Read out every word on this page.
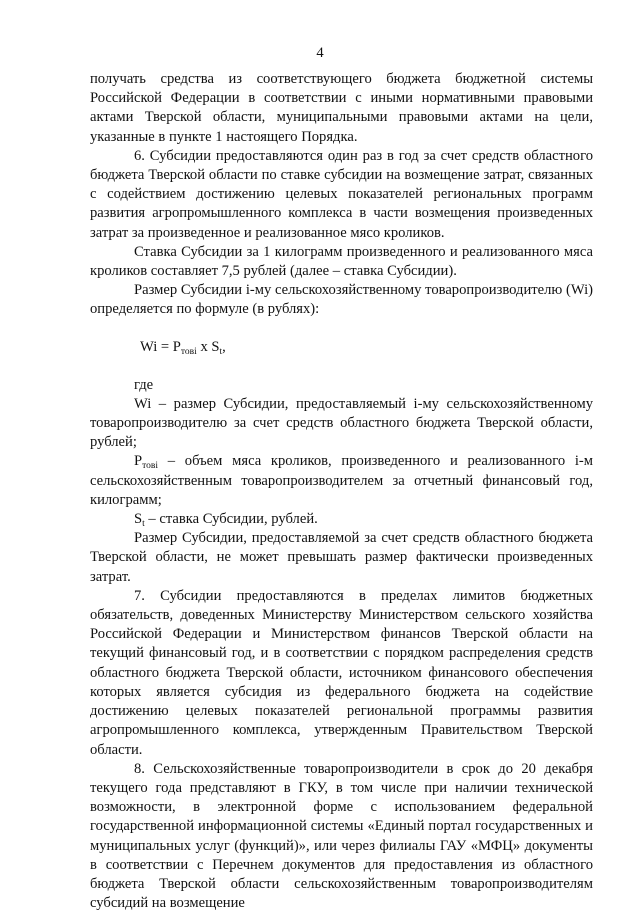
4

получать средства из соответствующего бюджета бюджетной системы Российской Федерации в соответствии с иными нормативными правовыми актами Тверской области, муниципальными правовыми актами на цели, указанные в пункте 1 настоящего Порядка.

6. Субсидии предоставляются один раз в год за счет средств областного бюджета Тверской области по ставке субсидии на возмещение затрат, связанных с содействием достижению целевых показателей региональных программ развития агропромышленного комплекса в части возмещения произведенных затрат за произведенное и реализованное мясо кроликов.

Ставка Субсидии за 1 килограмм произведенного и реализованного мяса кроликов составляет 7,5 рублей (далее – ставка Субсидии).

Размер Субсидии i-му сельскохозяйственному товаропроизводителю (Wi) определяется по формуле (в рублях):

$Wi = P_{товi}$ x $S_t$,

где

Wi – размер Субсидии, предоставляемый i-му сельскохозяйственному товаропроизводителю за счет средств областного бюджета Тверской области, рублей;

$P_{товi}$ – объем мяса кроликов, произведенного и реализованного i-м сельскохозяйственным товаропроизводителем за отчетный финансовый год, килограмм;

$S_t$ – ставка Субсидии, рублей.

Размер Субсидии, предоставляемой за счет средств областного бюджета Тверской области, не может превышать размер фактически произведенных затрат.

7. Субсидии предоставляются в пределах лимитов бюджетных обязательств, доведенных Министерству Министерством сельского хозяйства Российской Федерации и Министерством финансов Тверской области на текущий финансовый год, и в соответствии с порядком распределения средств областного бюджета Тверской области, источником финансового обеспечения которых является субсидия из федерального бюджета на содействие достижению целевых показателей региональной программы развития агропромышленного комплекса, утвержденным Правительством Тверской области.

8. Сельскохозяйственные товаропроизводители в срок до 20 декабря текущего года представляют в ГКУ, в том числе при наличии технической возможности, в электронной форме с использованием федеральной государственной информационной системы «Единый портал государственных и муниципальных услуг (функций)», или через филиалы ГАУ «МФЦ» документы в соответствии с Перечнем документов для предоставления из областного бюджета Тверской области сельскохозяйственным товаропроизводителям субсидий на возмещение
